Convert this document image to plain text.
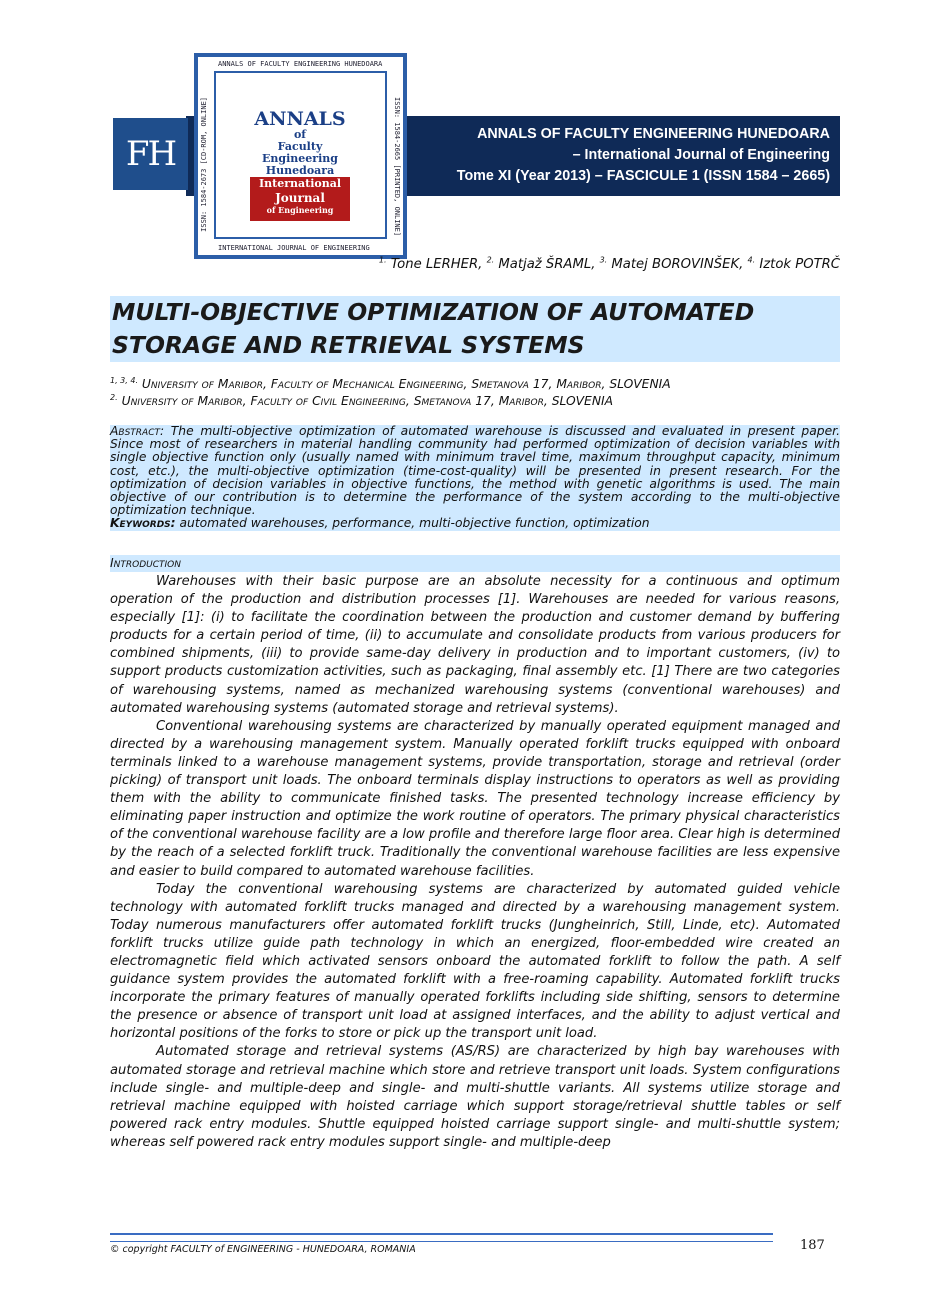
ANNALS OF FACULTY ENGINEERING HUNEDOARA
– International Journal of Engineering
Tome XI (Year 2013) – FASCICULE 1 (ISSN 1584 – 2665)
FH
ANNALS OF FACULTY ENGINEERING HUNEDOARA
INTERNATIONAL JOURNAL OF ENGINEERING
ISSN: 1584-2673 [CD-ROM, ONLINE]	ISSN: 1584-2665 [PRINTED, ONLINE]
ANNALS
of
Faculty
Engineering
Hunedoara
International
Journal
of Engineering
$^{1.}$ Tone LERHER, $^{2.}$ Matjaž ŠRAML, $^{3.}$ Matej BOROVINŠEK, $^{4.}$ Iztok POTRČ
MULTI-OBJECTIVE OPTIMIZATION OF AUTOMATED
STORAGE AND RETRIEVAL SYSTEMS
$^{1, 3, 4.}$ University of Maribor, Faculty of Mechanical Engineering, Smetanova 17, Maribor, SLOVENIA
$^{2.}$ University of Maribor, Faculty of Civil Engineering, Smetanova 17, Maribor, SLOVENIA

Abstract: The multi-objective optimization of automated warehouse is discussed and evaluated in present paper. Since most of researchers in material handling community had performed optimization of decision variables with single objective function only (usually named with minimum travel time, maximum throughput capacity, minimum cost, etc.), the multi-objective optimization (time-cost-quality) will be presented in present research. For the optimization of decision variables in objective functions, the method with genetic algorithms is used. The main objective of our contribution is to determine the performance of the system according to the multi-objective optimization technique.

Keywords: automated warehouses, performance, multi-objective function, optimization

Introduction

Warehouses with their basic purpose are an absolute necessity for a continuous and optimum operation of the production and distribution processes [1]. Warehouses are needed for various reasons, especially [1]: (i) to facilitate the coordination between the production and customer demand by buffering products for a certain period of time, (ii) to accumulate and consolidate products from various producers for combined shipments, (iii) to provide same-day delivery in production and to important customers, (iv) to support products customization activities, such as packaging, final assembly etc. [1] There are two categories of warehousing systems, named as mechanized warehousing systems (conventional warehouses) and automated warehousing systems (automated storage and retrieval systems).

Conventional warehousing systems are characterized by manually operated equipment managed and directed by a warehousing management system. Manually operated forklift trucks equipped with onboard terminals linked to a warehouse management systems, provide transportation, storage and retrieval (order picking) of transport unit loads. The onboard terminals display instructions to operators as well as providing them with the ability to communicate finished tasks. The presented technology increase efficiency by eliminating paper instruction and optimize the work routine of operators. The primary physical characteristics of the conventional warehouse facility are a low profile and therefore large floor area. Clear high is determined by the reach of a selected forklift truck. Traditionally the conventional warehouse facilities are less expensive and easier to build compared to automated warehouse facilities.

Today the conventional warehousing systems are characterized by automated guided vehicle technology with automated forklift trucks managed and directed by a warehousing management system. Today numerous manufacturers offer automated forklift trucks (Jungheinrich, Still, Linde, etc). Automated forklift trucks utilize guide path technology in which an energized, floor-embedded wire created an electromagnetic field which activated sensors onboard the automated forklift to follow the path. A self guidance system provides the automated forklift with a free-roaming capability. Automated forklift trucks incorporate the primary features of manually operated forklifts including side shifting, sensors to determine the presence or absence of transport unit load at assigned interfaces, and the ability to adjust vertical and horizontal positions of the forks to store or pick up the transport unit load.

Automated storage and retrieval systems (AS/RS) are characterized by high bay warehouses with automated storage and retrieval machine which store and retrieve transport unit loads. System configurations include single- and multiple-deep and single- and multi-shuttle variants. All systems utilize storage and retrieval machine equipped with hoisted carriage which support storage/retrieval shuttle tables or self powered rack entry modules. Shuttle equipped hoisted carriage support single- and multi-shuttle system; whereas self powered rack entry modules support single- and multiple-deep

© copyright FACULTY of ENGINEERING - HUNEDOARA, ROMANIA	187
